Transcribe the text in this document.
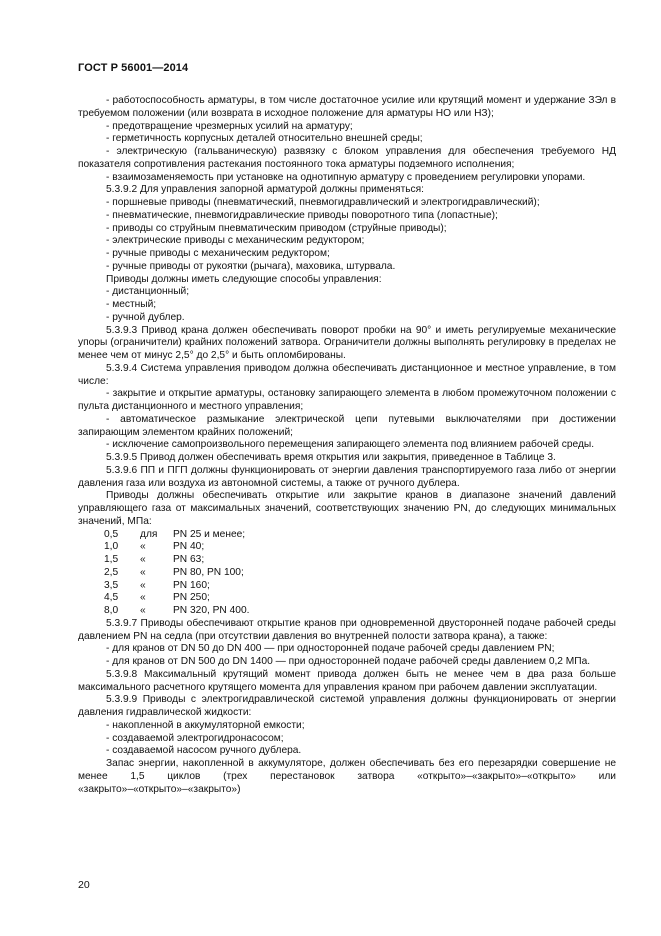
ГОСТ Р 56001—2014

- работоспособность арматуры, в том числе достаточное усилие или крутящий момент и удержание ЗЭл в требуемом положении (или возврата в исходное положение для арматуры НО или НЗ);

- предотвращение чрезмерных усилий на арматуру;

- герметичность корпусных деталей относительно внешней среды;

- электрическую (гальваническую) развязку с блоком управления для обеспечения требуемого НД показателя сопротивления растекания постоянного тока арматуры подземного исполнения;

- взаимозаменяемость при установке на однотипную арматуру с проведением регулировки упорами.

5.3.9.2 Для управления запорной арматурой должны применяться:

- поршневые приводы (пневматический, пневмогидравлический и электрогидравлический);

- пневматические, пневмогидравлические приводы поворотного типа (лопастные);

- приводы со струйным пневматическим приводом (струйные приводы);

- электрические приводы с механическим редуктором;

- ручные приводы с механическим редуктором;

- ручные приводы от рукоятки (рычага), маховика, штурвала.

Приводы должны иметь следующие способы управления:

- дистанционный;

- местный;

- ручной дублер.

5.3.9.3 Привод крана должен обеспечивать поворот пробки на 90° и иметь регулируемые механические упоры (ограничители) крайних положений затвора. Ограничители должны выполнять регулировку в пределах не менее чем от минус 2,5° до 2,5° и быть опломбированы.

5.3.9.4 Система управления приводом должна обеспечивать дистанционное и местное управление, в том числе:

- закрытие и открытие арматуры, остановку запирающего элемента в любом промежуточном положении с пульта дистанционного и местного управления;

- автоматическое размыкание электрической цепи путевыми выключателями при достижении запирающим элементом крайних положений;

- исключение самопроизвольного перемещения запирающего элемента под влиянием рабочей среды.

5.3.9.5 Привод должен обеспечивать время открытия или закрытия, приведенное в Таблице 3.

5.3.9.6 ПП и ПГП должны функционировать от энергии давления транспортируемого газа либо от энергии давления газа или воздуха из автономной системы, а также от ручного дублера.

Приводы должны обеспечивать открытие или закрытие кранов в диапазоне значений давлений управляющего газа от максимальных значений, соответствующих значению PN, до следующих минимальных значений, МПа:

0,5 для PN 25 и менее;
1,0 «	PN 40;
1,5 «	PN 63;
2,5 «	PN 80, PN 100;
3,5 «	PN 160;
4,5 «	PN 250;
8,0 «	PN 320, PN 400.

5.3.9.7 Приводы обеспечивают открытие кранов при одновременной двусторонней подаче рабочей среды давлением PN на седла (при отсутствии давления во внутренней полости затвора крана), а также:

- для кранов от DN 50 до DN 400 — при односторонней подаче рабочей среды давлением PN;

- для кранов от DN 500 до DN 1400 — при односторонней подаче рабочей среды давлением 0,2 МПа.

5.3.9.8 Максимальный крутящий момент привода должен быть не менее чем в два раза больше максимального расчетного крутящего момента для управления краном при рабочем давлении эксплуатации.

5.3.9.9 Приводы с электрогидравлической системой управления должны функционировать от энергии давления гидравлической жидкости:

- накопленной в аккумуляторной емкости;

- создаваемой электрогидронасосом;

- создаваемой насосом ручного дублера.

Запас энергии, накопленной в аккумуляторе, должен обеспечивать без его перезарядки совершение не менее 1,5 циклов (трех перестановок затвора «открыто»–«закрыто»–«открыто» или «закрыто»–«открыто»–«закрыто»)

20
